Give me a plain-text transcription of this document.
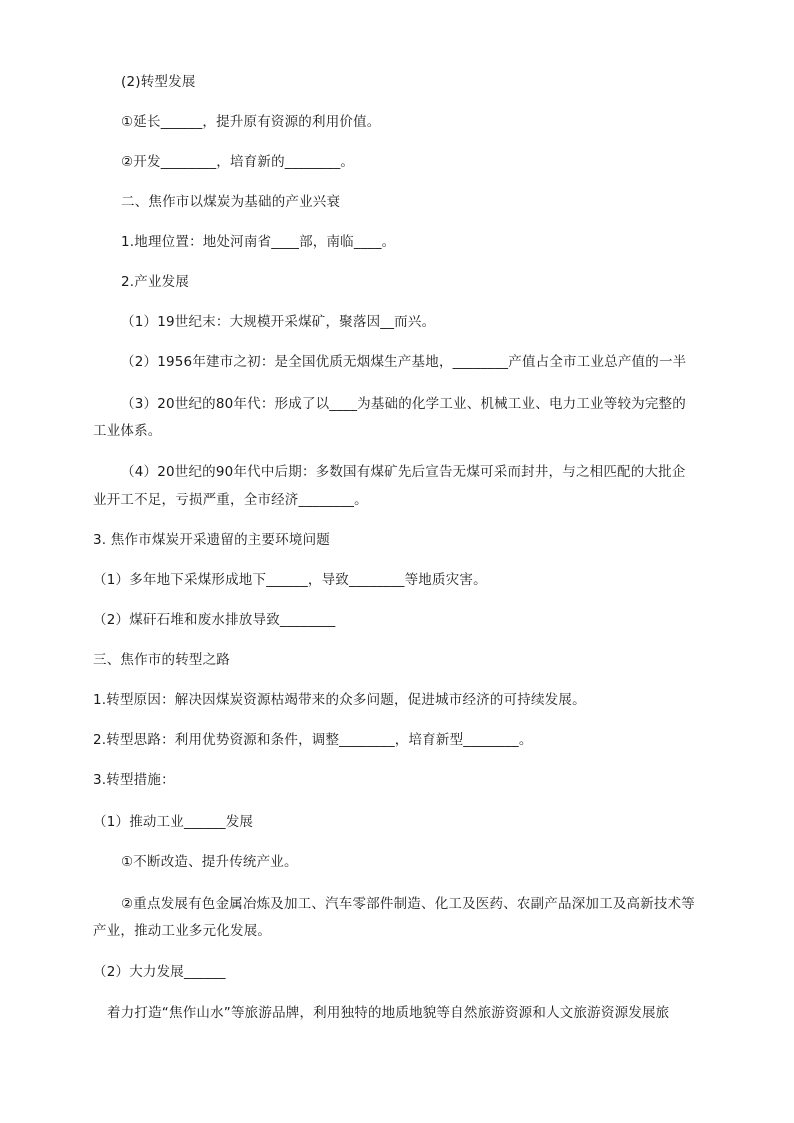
(2)转型发展
①延长______，提升原有资源的利用价值。
②开发________，培育新的________。
二、焦作市以煤炭为基础的产业兴衰
1.地理位置：地处河南省____部，南临____。
2.产业发展
（1）19世纪末：大规模开采煤矿，聚落因__而兴。
（2）1956年建市之初：是全国优质无烟煤生产基地，________产值占全市工业总产值的一半
（3）20世纪的80年代：形成了以____为基础的化学工业、机械工业、电力工业等较为完整的
工业体系。
（4）20世纪的90年代中后期：多数国有煤矿先后宣告无煤可采而封井，与之相匹配的大批企
业开工不足，亏损严重，全市经济________。
3. 焦作市煤炭开采遗留的主要环境问题
（1）多年地下采煤形成地下______，导致________等地质灾害。
（2）煤矸石堆和废水排放导致________
三、焦作市的转型之路
1.转型原因：解决因煤炭资源枯竭带来的众多问题，促进城市经济的可持续发展。
2.转型思路：利用优势资源和条件，调整________，培育新型________。
3.转型措施：
（1）推动工业______发展
①不断改造、提升传统产业。
②重点发展有色金属冶炼及加工、汽车零部件制造、化工及医药、农副产品深加工及高新技术等
产业，推动工业多元化发展。
（2）大力发展______
着力打造“焦作山水”等旅游品牌，利用独特的地质地貌等自然旅游资源和人文旅游资源发展旅
